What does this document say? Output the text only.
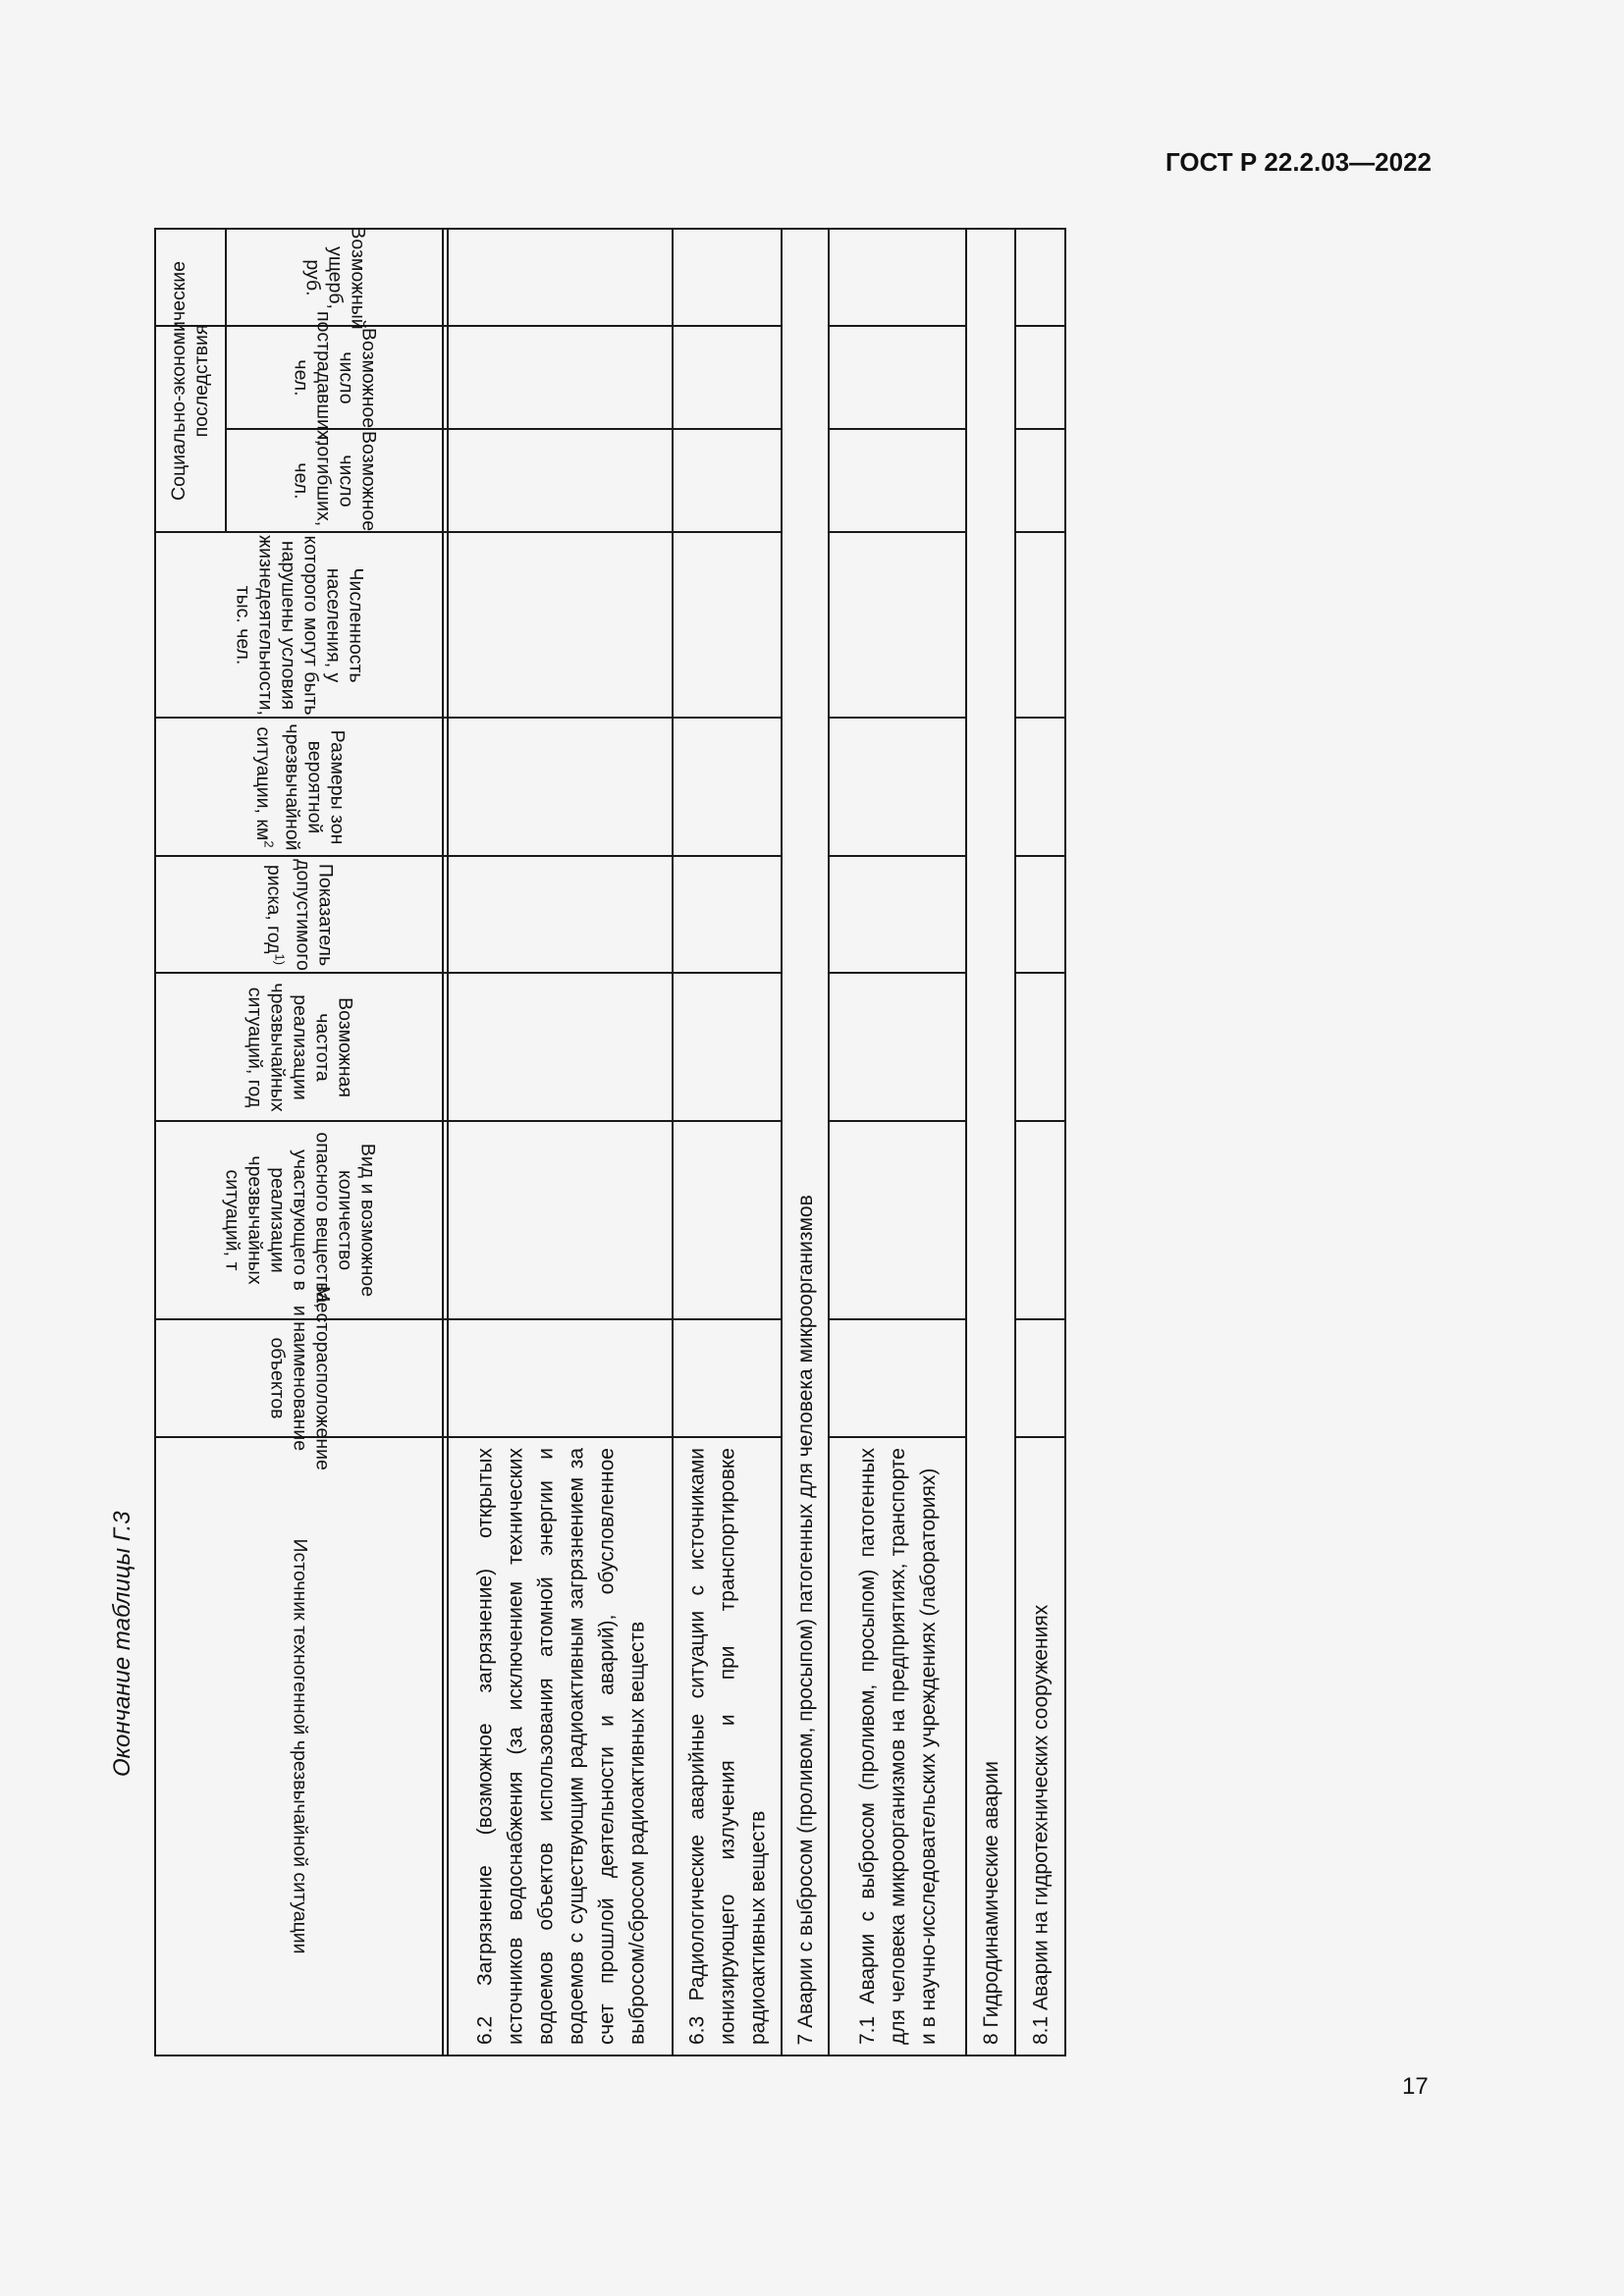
ГОСТ Р 22.2.03—2022
17
Окончание таблицы Г.3
Социально-экономические последствия
Возможный ущерб, руб.
Возможное число пострадавших, чел.
Возможное число погибших, чел.
Численность населения, у которого могут быть нарушены условия жизнедеятельности, тыс. чел.
Размеры зон вероятной чрезвычайной ситуации, $км^2$
Показатель допустимого риска, год$^{1)}$
Возможная частота реализации чрезвычайных ситуаций, год
Вид и возможное количество опасного вещества, участвующего в реализации чрезвычайных ситуаций, т
Месторасположение и наименование объектов
Источник техногенной чрезвычайной ситуации	6.2 Загрязнение (возможное загрязнение) открытых источников водоснабжения (за исключением технических водоемов объектов использования атомной энергии и водоемов с существующим радиоактивным загрязнением за счет прошлой деятельности и аварий), обусловленное выбросом/сбросом радиоактивных веществ 6.3 Радиологические аварийные ситуации с источниками ионизирующего излучения и при транспортировке радиоактивных веществ 7 Аварии с выбросом (проливом, просыпом) патогенных для человека микроорганизмов 7.1 Аварии с выбросом (проливом, просыпом) патогенных для человека микроорганизмов на предприятиях, транспорте и в научно-исследовательских учреждениях (лабораториях) 8 Гидродинамические аварии 8.1 Аварии на гидротехнических сооружениях
